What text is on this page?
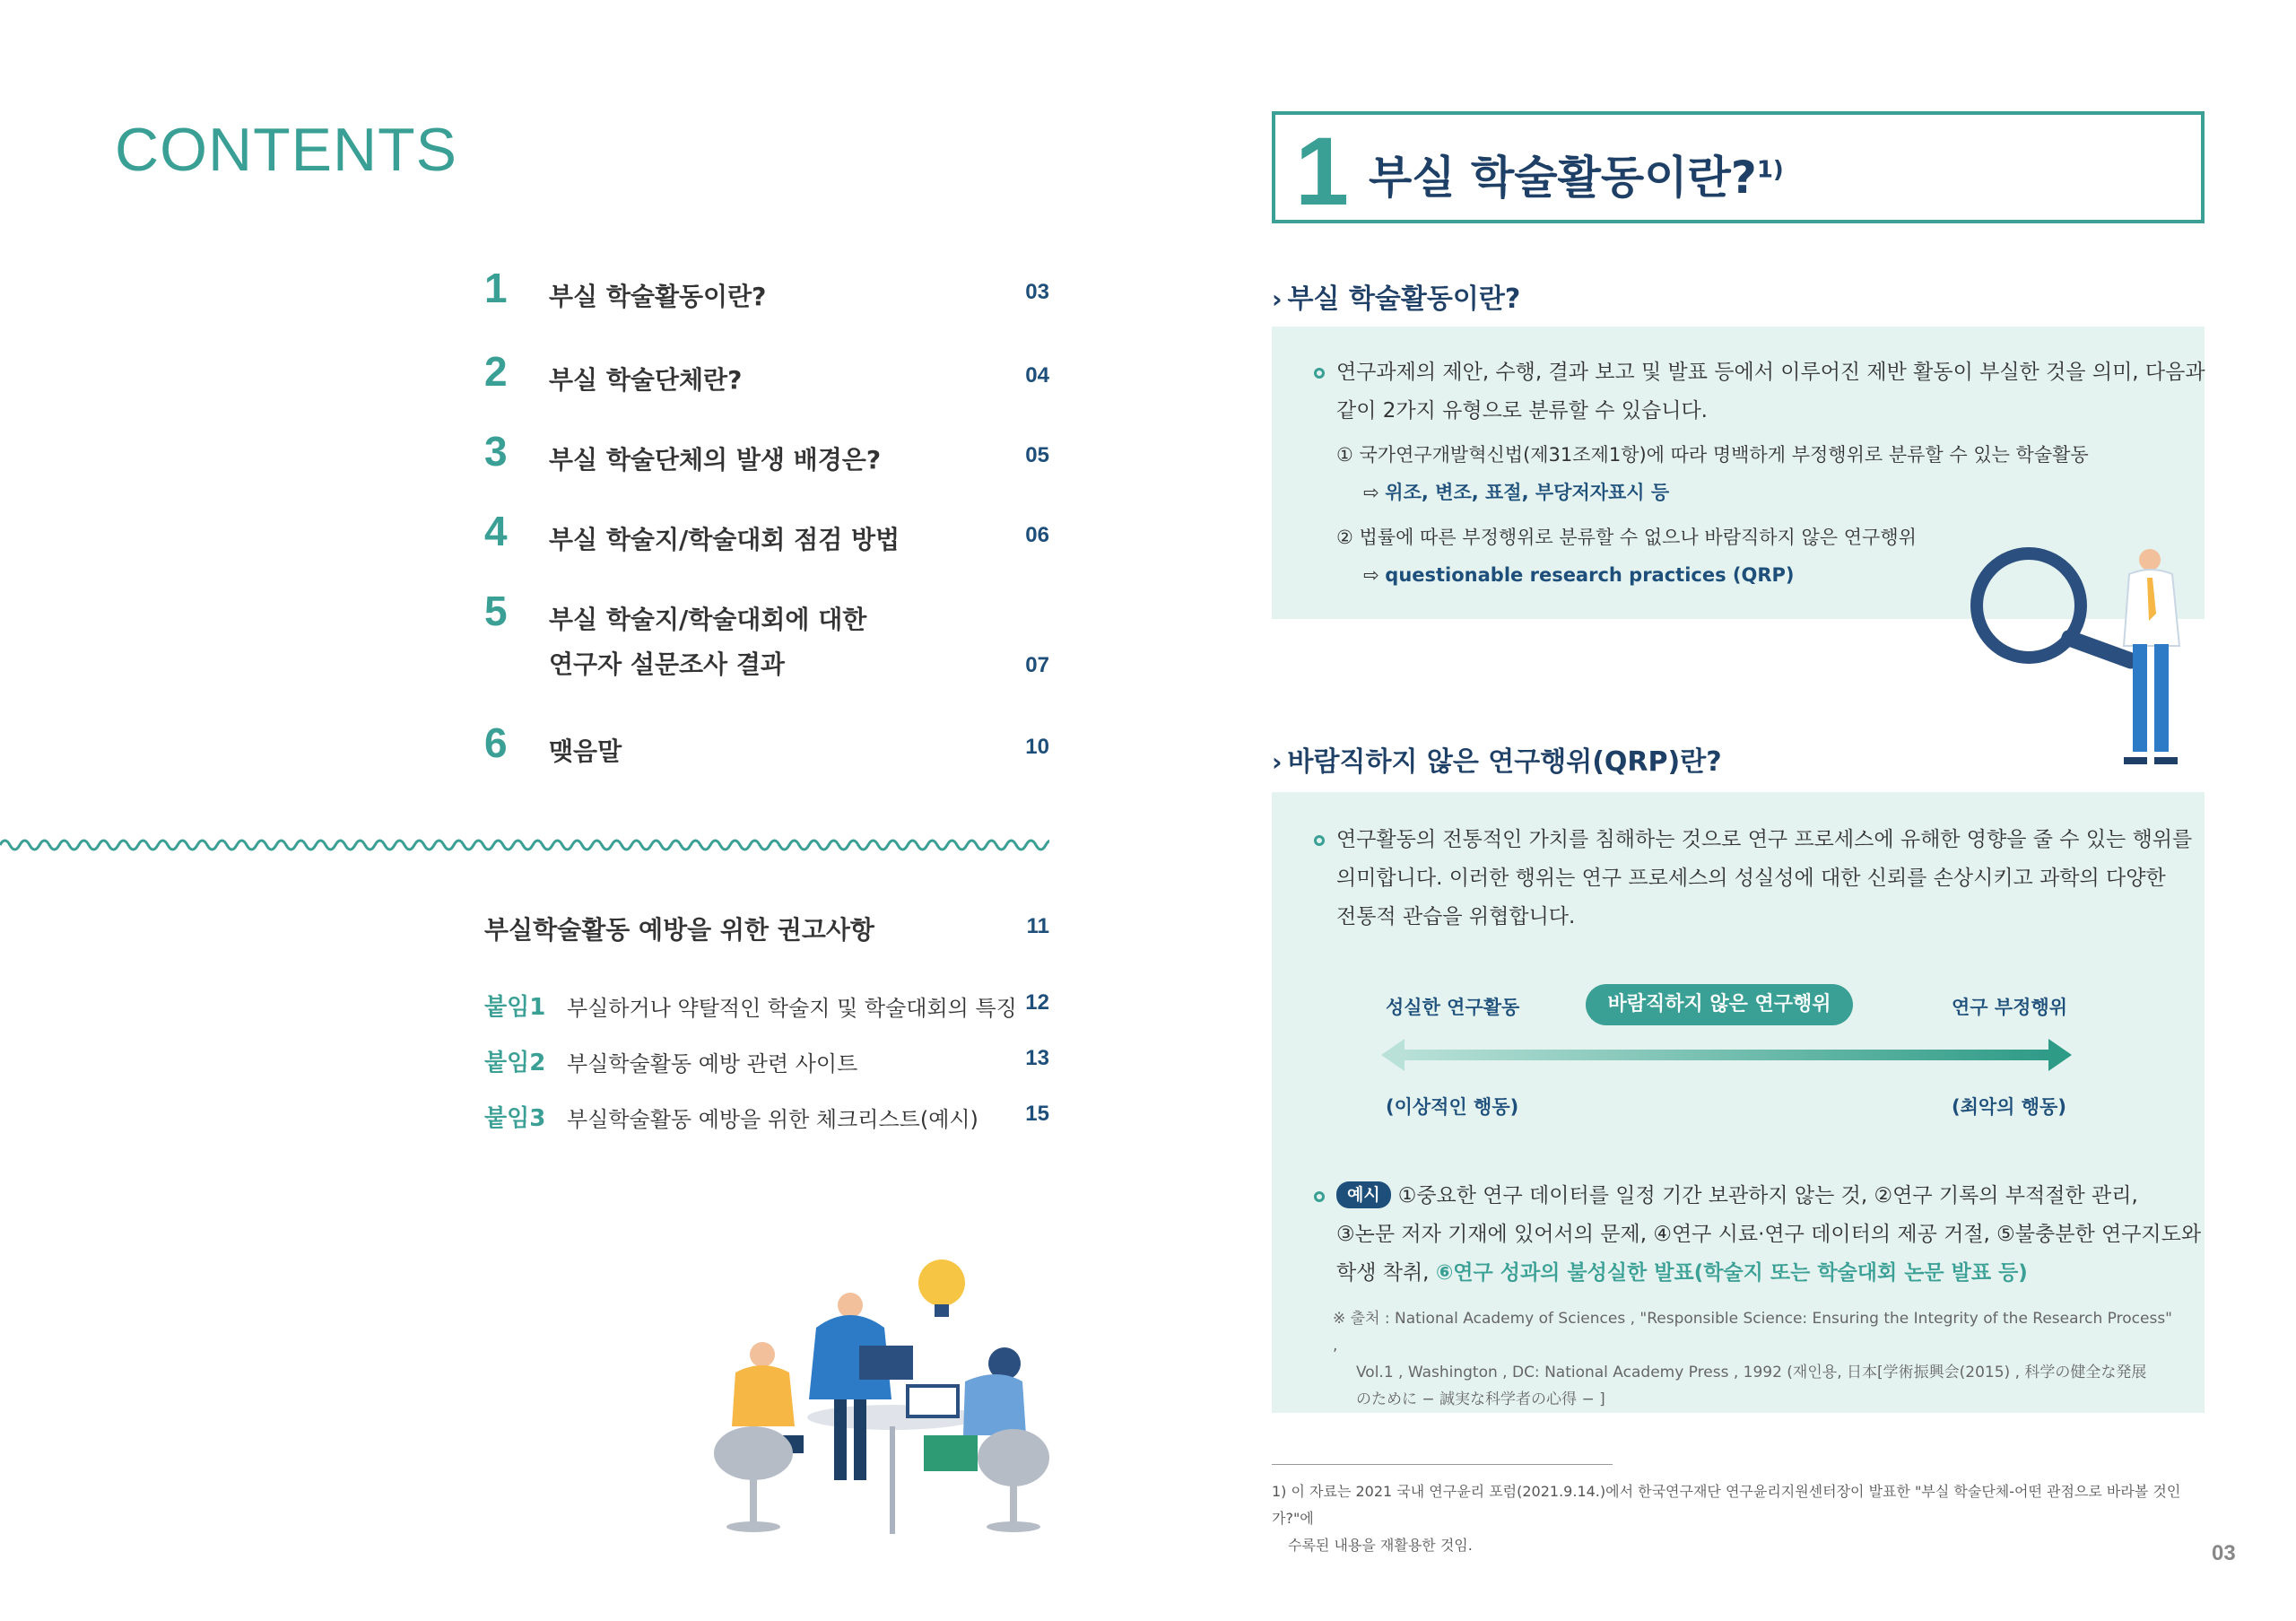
CONTENTS
1 부실 학술활동이란?	03
2 부실 학술단체란?	04
3 부실 학술단체의 발생 배경은?	05
4 부실 학술지/학술대회 점검 방법	06
5 부실 학술지/학술대회에 대한
연구자 설문조사 결과	07
6 맺음말	10
부실학술활동 예방을 위한 권고사항	11
붙임1 부실하거나 약탈적인 학술지 및 학술대회의 특징 12
붙임2 부실학술활동 예방 관련 사이트	13
붙임3 부실학술활동 예방을 위한 체크리스트(예시) 15
1 부실 학술활동이란?$^{1)}$
› 부실 학술활동이란?
연구과제의 제안, 수행, 결과 보고 및 발표 등에서 이루어진 제반 활동이 부실한 것을 의미, 다음과
같이 2가지 유형으로 분류할 수 있습니다.
① 국가연구개발혁신법(제31조제1항)에 따라 명백하게 부정행위로 분류할 수 있는 학술활동
⇨ 위조, 변조, 표절, 부당저자표시 등
② 법률에 따른 부정행위로 분류할 수 없으나 바람직하지 않은 연구행위
⇨ questionable research practices (QRP)
› 바람직하지 않은 연구행위(QRP)란?
연구활동의 전통적인 가치를 침해하는 것으로 연구 프로세스에 유해한 영향을 줄 수 있는 행위를
의미합니다. 이러한 행위는 연구 프로세스의 성실성에 대한 신뢰를 손상시키고 과학의 다양한
전통적 관습을 위협합니다.
성실한 연구활동	바람직하지 않은 연구행위	연구 부정행위
(이상적인 행동)	(최악의 행동)
예시 ①중요한 연구 데이터를 일정 기간 보관하지 않는 것, ②연구 기록의 부적절한 관리,
③논문 저자 기재에 있어서의 문제, ④연구 시료·연구 데이터의 제공 거절, ⑤불충분한 연구지도와
학생 착취, ⑥연구 성과의 불성실한 발표(학술지 또는 학술대회 논문 발표 등)
※ 출처 : National Academy of Sciences , "Responsible Science: Ensuring the Integrity of the Research Process" ,
Vol.1 , Washington , DC: National Academy Press , 1992 (재인용, 日本[学術振興会(2015) , 科学の健全な発展
のために − 誠実な科学者の心得 − ]
1) 이 자료는 2021 국내 연구윤리 포럼(2021.9.14.)에서 한국연구재단 연구윤리지원센터장이 발표한 "부실 학술단체-어떤 관점으로 바라볼 것인가?"에
수록된 내용을 재활용한 것임.	03
